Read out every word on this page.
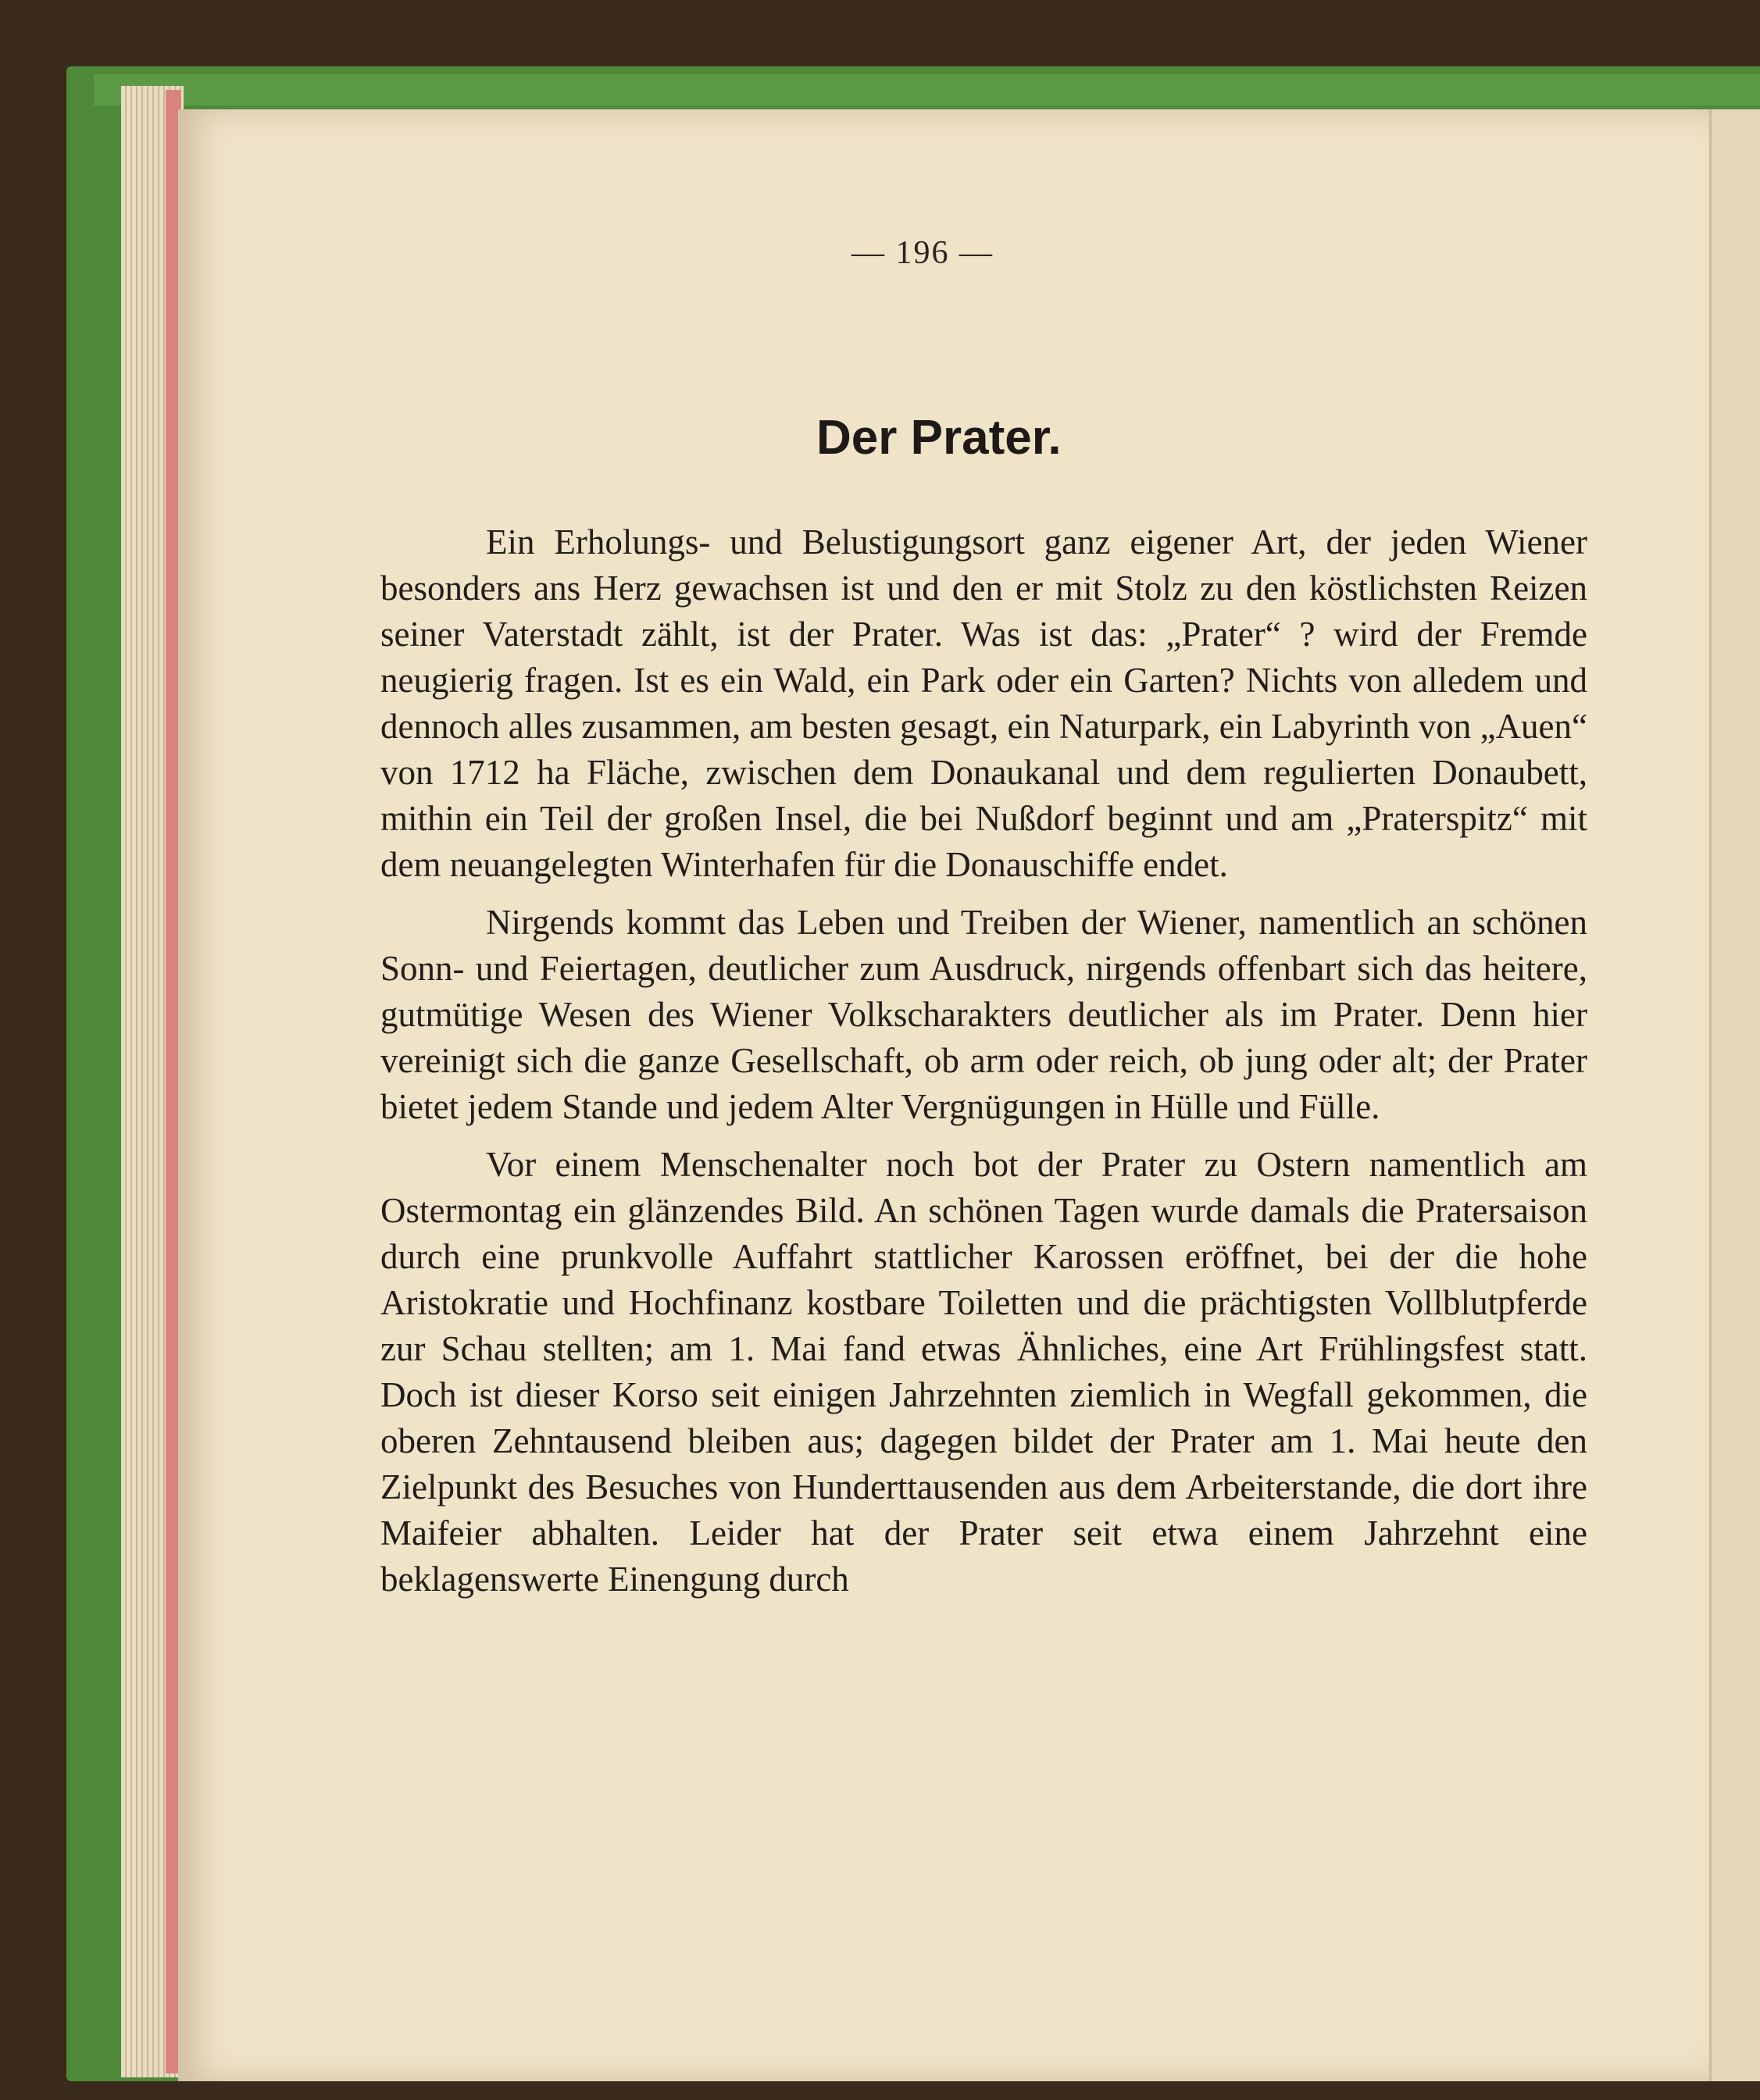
— 196 —
Der Prater.

Ein Erholungs- und Belustigungsort ganz eigener Art, der jeden Wiener besonders ans Herz gewachsen ist und den er mit Stolz zu den köstlichsten Reizen seiner Vaterstadt zählt, ist der Prater. Was ist das: „Prater“ ? wird der Fremde neugierig fragen. Ist es ein Wald, ein Park oder ein Garten? Nichts von alledem und dennoch alles zusammen, am besten gesagt, ein Naturpark, ein Labyrinth von „Auen“ von 1712 ha Fläche, zwischen dem Donaukanal und dem regulierten Donaubett, mithin ein Teil der großen Insel, die bei Nußdorf beginnt und am „Praterspitz“ mit dem neuangelegten Winterhafen für die Donauschiffe endet.

Nirgends kommt das Leben und Treiben der Wiener, namentlich an schönen Sonn- und Feiertagen, deutlicher zum Ausdruck, nirgends offenbart sich das heitere, gutmütige Wesen des Wiener Volkscharakters deutlicher als im Prater. Denn hier vereinigt sich die ganze Gesellschaft, ob arm oder reich, ob jung oder alt; der Prater bietet jedem Stande und jedem Alter Vergnügungen in Hülle und Fülle.

Vor einem Menschenalter noch bot der Prater zu Ostern namentlich am Ostermontag ein glänzendes Bild. An schönen Tagen wurde damals die Pratersaison durch eine prunkvolle Auffahrt stattlicher Karossen eröffnet, bei der die hohe Aristokratie und Hochfinanz kostbare Toiletten und die prächtigsten Vollblutpferde zur Schau stellten; am 1. Mai fand etwas Ähnliches, eine Art Frühlingsfest statt. Doch ist dieser Korso seit einigen Jahrzehnten ziemlich in Wegfall gekommen, die oberen Zehntausend bleiben aus; dagegen bildet der Prater am 1. Mai heute den Zielpunkt des Besuches von Hunderttausenden aus dem Arbeiterstande, die dort ihre Maifeier abhalten. Leider hat der Prater seit etwa einem Jahrzehnt eine beklagenswerte Einengung durch
